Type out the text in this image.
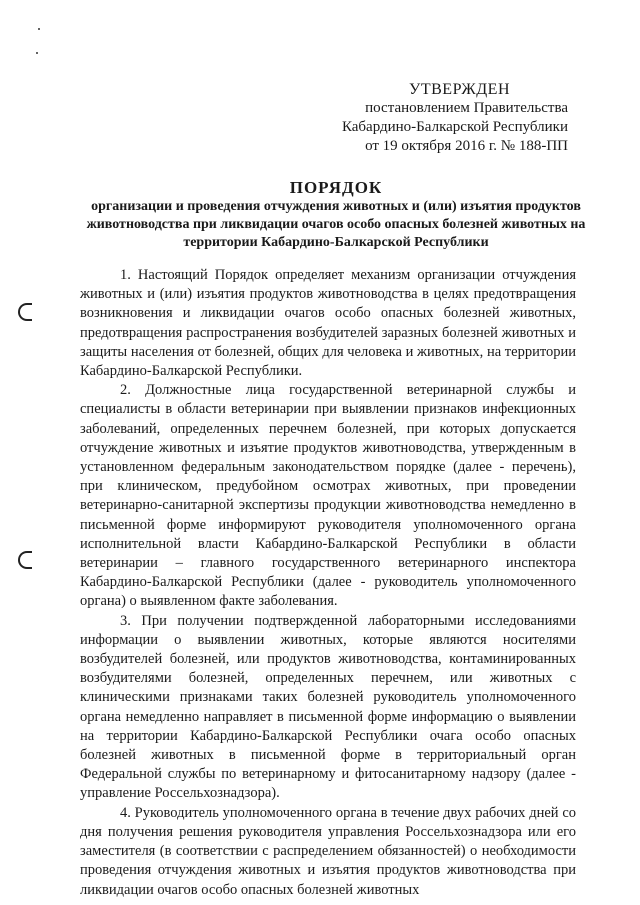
УТВЕРЖДЕН
постановлением Правительства
Кабардино-Балкарской Республики
от 19 октября 2016 г. № 188-ПП
ПОРЯДОК
организации и проведения отчуждения животных и (или) изъятия продуктов животноводства при ликвидации очагов особо опасных болезней животных на территории Кабардино-Балкарской Республики

1. Настоящий Порядок определяет механизм организации отчуждения животных и (или) изъятия продуктов животноводства в целях предотвращения возникновения и ликвидации очагов особо опасных болезней животных, предотвращения распространения возбудителей заразных болезней животных и защиты населения от болезней, общих для человека и животных, на территории Кабардино-Балкарской Республики.

2. Должностные лица государственной ветеринарной службы и специалисты в области ветеринарии при выявлении признаков инфекционных заболеваний, определенных перечнем болезней, при которых допускается отчуждение животных и изъятие продуктов животноводства, утвержденным в установленном федеральным законодательством порядке (далее - перечень), при клиническом, предубойном осмотрах животных, при проведении ветеринарно-санитарной экспертизы продукции животноводства немедленно в письменной форме информируют руководителя уполномоченного органа исполнительной власти Кабардино-Балкарской Республики в области ветеринарии – главного государственного ветеринарного инспектора Кабардино-Балкарской Республики (далее - руководитель уполномоченного органа) о выявленном факте заболевания.

3. При получении подтвержденной лабораторными исследованиями информации о выявлении животных, которые являются носителями возбудителей болезней, или продуктов животноводства, контаминированных возбудителями болезней, определенных перечнем, или животных с клиническими признаками таких болезней руководитель уполномоченного органа немедленно направляет в письменной форме информацию о выявлении на территории Кабардино-Балкарской Республики очага особо опасных болезней животных в письменной форме в территориальный орган Федеральной службы по ветеринарному и фитосанитарному надзору (далее - управление Россельхознадзора).

4. Руководитель уполномоченного органа в течение двух рабочих дней со дня получения решения руководителя управления Россельхознадзора или его заместителя (в соответствии с распределением обязанностей) о необходимости проведения отчуждения животных и изъятия продуктов животноводства при ликвидации очагов особо опасных болезней животных
